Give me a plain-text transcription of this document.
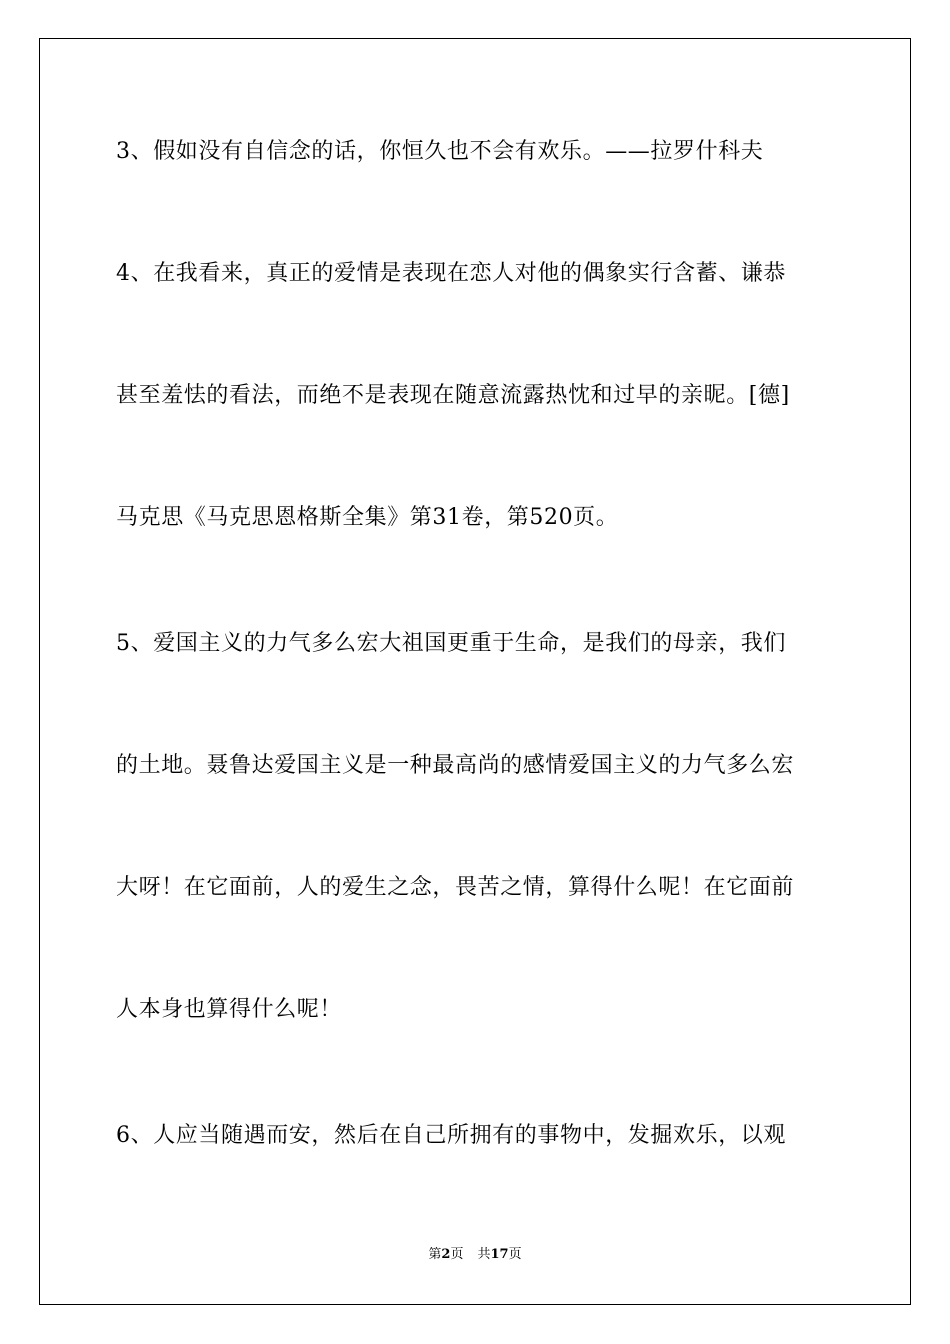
3、假如没有自信念的话，你恒久也不会有欢乐。——拉罗什科夫
4、在我看来，真正的爱情是表现在恋人对他的偶象实行含蓄、谦恭
甚至羞怯的看法，而绝不是表现在随意流露热忱和过早的亲昵。[德]
马克思《马克思恩格斯全集》第31卷，第520页。
5、爱国主义的力气多么宏大祖国更重于生命，是我们的母亲，我们
的土地。聂鲁达爱国主义是一种最高尚的感情爱国主义的力气多么宏
大呀！在它面前，人的爱生之念，畏苦之情，算得什么呢！在它面前
人本身也算得什么呢！
6、人应当随遇而安，然后在自己所拥有的事物中，发掘欢乐，以观
第2页 共17页
